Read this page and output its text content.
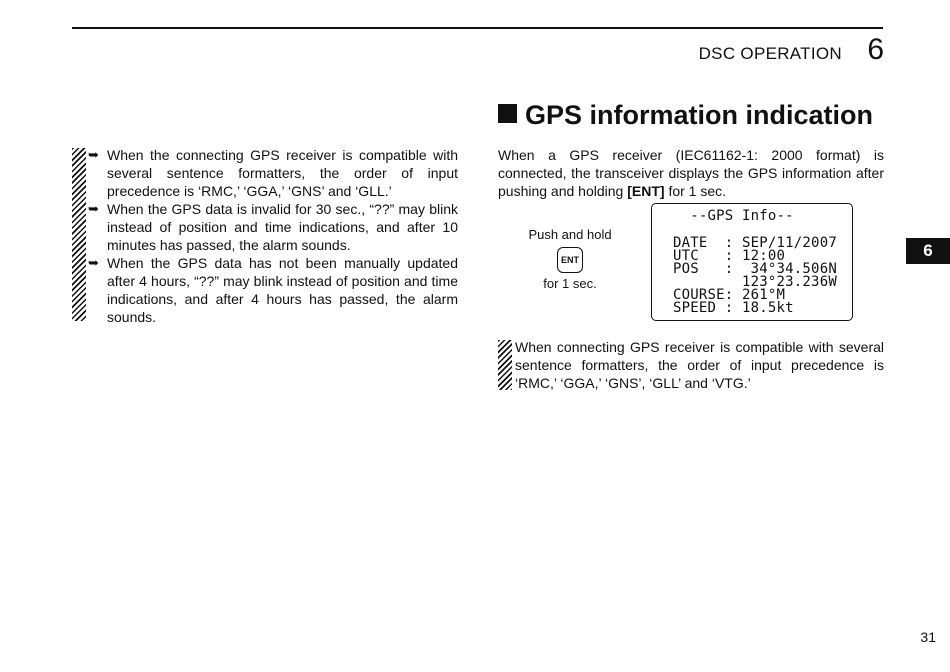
DSC OPERATION 6
6

➥ When the connecting GPS receiver is compatible with several sentence formatters, the order of input precedence is ‘RMC,’ ‘GGA,’ ‘GNS’ and ‘GLL.’

➥ When the GPS data is invalid for 30 sec., “??” may blink instead of position and time indications, and after 10 minutes has passed, the alarm sounds.

➥ When the GPS data has not been manually updated after 4 hours, “??” may blink instead of position and time indications, and after 4 hours has passed, the alarm sounds.

GPS information indication

When a GPS receiver (IEC61162-1: 2000 format) is connected, the transceiver displays the GPS information after pushing and holding [ENT] for 1 sec.

Push and hold
ENT
for 1 sec.
--GPS Info--
DATE  : SEP/11/2007
UTC   : 12:00
POS   :  34°34.506N
123°23.236W
COURSE: 261°M
SPEED : 18.5kt

When connecting GPS receiver is compatible with several sentence formatters, the order of input precedence is ‘RMC,’ ‘GGA,’ ‘GNS’, ‘GLL’ and ‘VTG.’

31
